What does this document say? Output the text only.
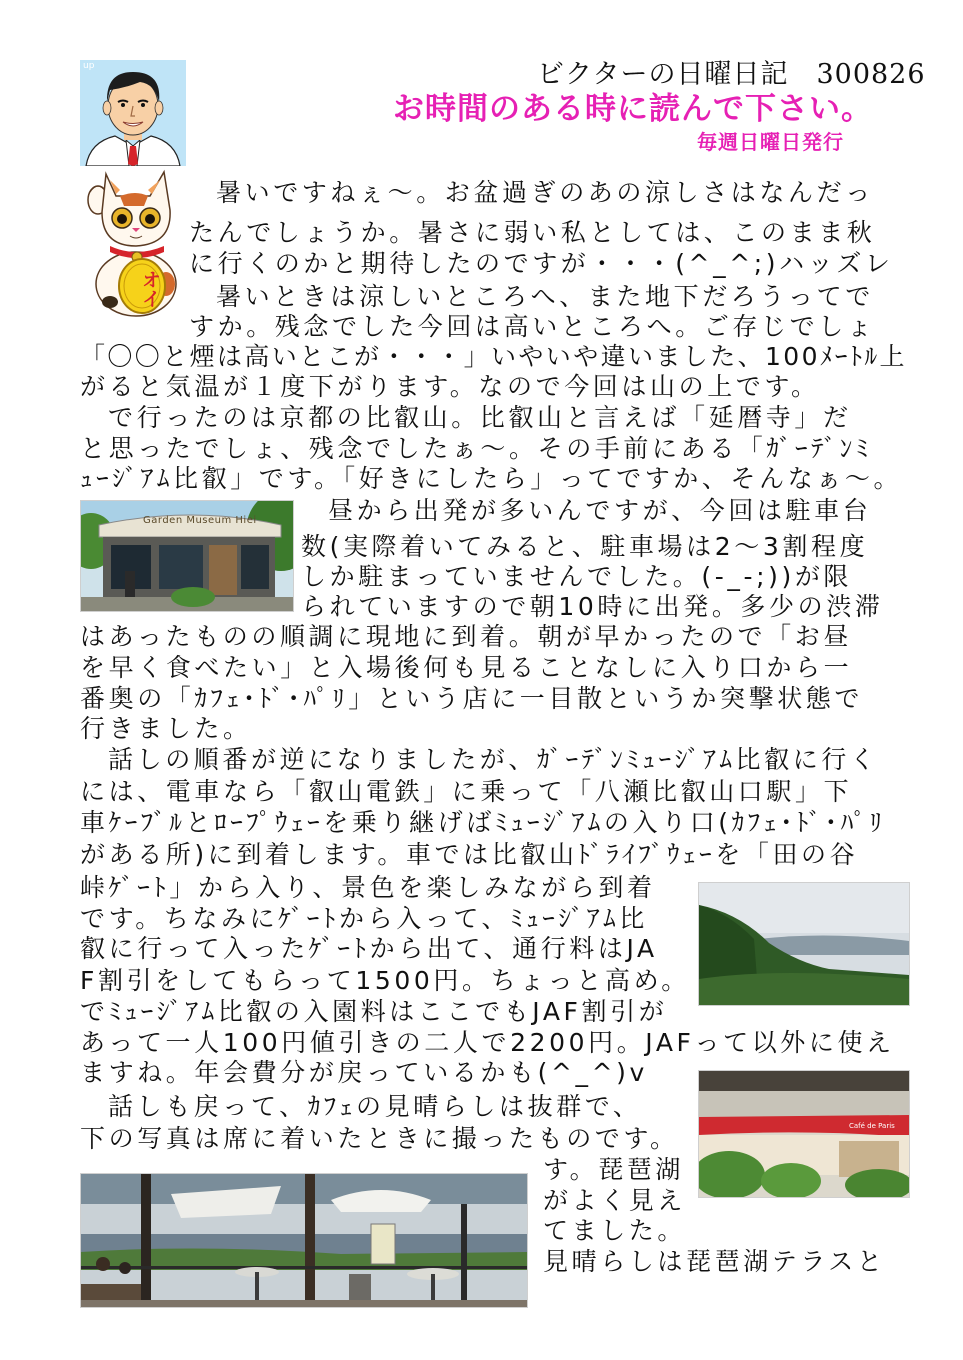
ビクターの日曜日記　300826
お時間のある時に読んで下さい。
毎週日曜日発行
up
オイ
Garden Museum Hiei
Café de Paris
暑いですねぇ〜。お盆過ぎのあの涼しさはなんだっ
たんでしょうか。暑さに弱い私としては、このまま秋
に行くのかと期待したのですが・・・(^_^;)ハッズレ
暑いときは涼しいところへ、また地下だろうってで
すか。残念でした今回は高いところへ。ご存じでしょ
「〇〇と煙は高いとこが・・・」いやいや違いました、100ﾒｰﾄﾙ上
がると気温が１度下がります。なので今回は山の上です。
で行ったのは京都の比叡山。比叡山と言えば「延暦寺」だ
と思ったでしょ、残念でしたぁ〜。その手前にある「ｶﾞｰﾃﾞﾝﾐ
ｭｰｼﾞｱﾑ比叡」です。「好きにしたら」ってですか、そんなぁ〜。
昼から出発が多いんですが、今回は駐車台
数(実際着いてみると、駐車場は2〜3割程度
しか駐まっていませんでした。(-_-;))が限
られていますので朝10時に出発。多少の渋滞
はあったものの順調に現地に到着。朝が早かったので「お昼
を早く食べたい」と入場後何も見ることなしに入り口から一
番奥の「ｶﾌｪ･ﾄﾞ･ﾊﾟﾘ」という店に一目散というか突撃状態で
行きました。
話しの順番が逆になりましたが、ｶﾞｰﾃﾞﾝﾐｭｰｼﾞｱﾑ比叡に行く
には、電車なら「叡山電鉄」に乗って「八瀬比叡山口駅」下
車ｹｰﾌﾞﾙとﾛｰﾌﾟｳｪｰを乗り継げばﾐｭｰｼﾞｱﾑの入り口(ｶﾌｪ･ﾄﾞ･ﾊﾟﾘ
がある所)に到着します。車では比叡山ﾄﾞﾗｲﾌﾞｳｪｰを「田の谷
峠ｹﾞｰﾄ」から入り、景色を楽しみながら到着
です。ちなみにｹﾞｰﾄから入って、ﾐｭｰｼﾞｱﾑ比
叡に行って入ったｹﾞｰﾄから出て、通行料はJA
F割引をしてもらって1500円。ちょっと高め。
でﾐｭｰｼﾞｱﾑ比叡の入園料はここでもJAF割引が
あって一人100円値引きの二人で2200円。JAFって以外に使え
ますね。年会費分が戻っているかも(^_^)v
話しも戻って、ｶﾌｪの見晴らしは抜群で、
下の写真は席に着いたときに撮ったものです。
す。琵琶湖
がよく見え
てました。
見晴らしは琵琶湖テラスと
